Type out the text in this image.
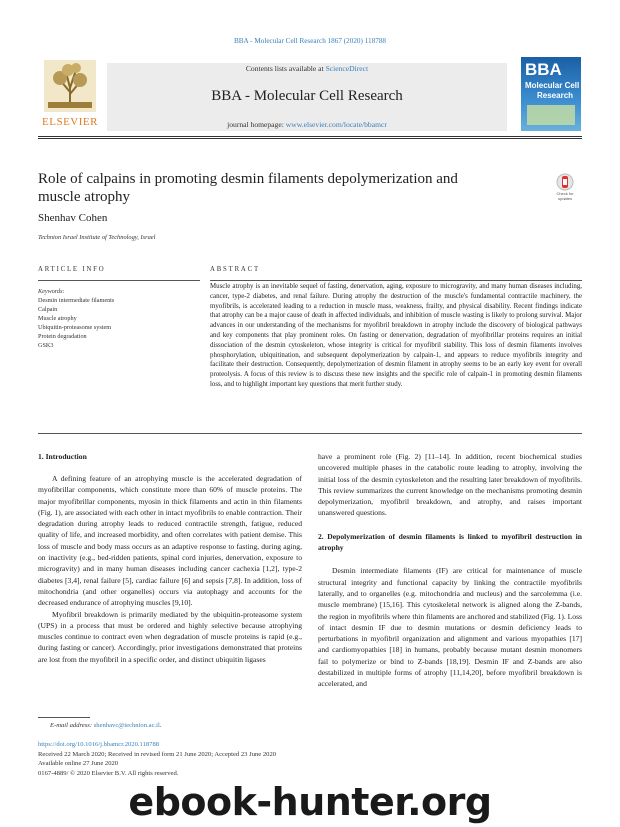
BBA - Molecular Cell Research 1867 (2020) 118788
ELSEVIER
Contents lists available at ScienceDirect
BBA - Molecular Cell Research
journal homepage: www.elsevier.com/locate/bbamcr
BBA
Molecular Cell
Research
Role of calpains in promoting desmin filaments depolymerization and muscle atrophy	Check for updates
Shenhav Cohen
Technion Israel Institute of Technology, Israel
ARTICLE INFO
Keywords:
Desmin intermediate filaments
Calpain
Muscle atrophy
Ubiquitin-proteasome system
Protein degradation
GSK3
ABSTRACT
Muscle atrophy is an inevitable sequel of fasting, denervation, aging, exposure to microgravity, and many human diseases including, cancer, type-2 diabetes, and renal failure. During atrophy the destruction of the muscle's fundamental contractile machinery, the myofibrils, is accelerated leading to a reduction in muscle mass, weakness, frailty, and physical disability. Recent findings indicate that atrophy can be a major cause of death in affected individuals, and inhibition of muscle wasting is likely to prolong survival. Major advances in our understanding of the mechanisms for myofibril breakdown in atrophy include the discovery of biological pathways and key components that play prominent roles. On fasting or denervation, degradation of myofibrillar proteins requires an initial dissociation of the desmin cytoskeleton, whose integrity is critical for myofibril stability. This loss of desmin filaments involves phosphorylation, ubiquitination, and subsequent depolymerization by calpain-1, and appears to reduce myofibrils integrity and facilitate their destruction. Consequently, depolymerization of desmin filament in atrophy seems to be an early key event for overall proteolysis. A focus of this review is to discuss these new insights and the specific role of calpain-1 in promoting desmin filaments loss, and to highlight important key questions that merit further study.
1. Introduction

A defining feature of an atrophying muscle is the accelerated degradation of myofibrillar components, which constitute more than 60% of muscle proteins. The major myofibrillar components, myosin in thick filaments and actin in thin filaments (Fig. 1), are associated with each other in intact myofibrils to enable contraction. Their degradation during atrophy leads to reduced contractile strength, fatigue, reduced quality of life, and increased morbidity, and often correlates with patient demise. This loss of muscle and body mass occurs as an adaptive response to fasting, during aging, on inactivity (e.g., bed-ridden patients, spinal cord injuries, denervation, exposure to microgravity) and in many human diseases including cancer cachexia [1,2], type-2 diabetes [3,4], renal failure [5], cardiac failure [6] and sepsis [7,8]. In addition, loss of mitochondria (and other organelles) occurs via autophagy and accounts for the decreased endurance of atrophying muscles [9,10].

Myofibril breakdown is primarily mediated by the ubiquitin-proteasome system (UPS) in a process that must be ordered and highly selective because atrophying muscles continue to contract even when degradation of muscle proteins is rapid (e.g., during fasting or cancer). Accordingly, prior investigations demonstrated that proteins are lost from the myofibril in a specific order, and distinct ubiquitin ligases

have a prominent role (Fig. 2) [11–14]. In addition, recent biochemical studies uncovered multiple phases in the catabolic route leading to atrophy, involving the initial loss of the desmin cytoskeleton and the resulting later breakdown of myofibrils. This review summarizes the current knowledge on the mechanisms promoting desmin depolymerization, myofibril breakdown, and atrophy, and raises important unanswered questions.

2. Depolymerization of desmin filaments is linked to myofibril destruction in atrophy

Desmin intermediate filaments (IF) are critical for maintenance of muscle structural integrity and functional capacity by linking the contractile myofibrils laterally, and to organelles (e.g. mitochondria and nucleus) and the sarcolemma (i.e. muscle membrane) [15,16]. This cytoskeletal network is aligned along the Z-bands, the region in myofibrils where thin filaments are anchored and stabilized (Fig. 1). Loss of intact desmin IF due to desmin mutations or desmin deficiency leads to perturbations in myofibril organization and alignment and various myopathies [17] and cardiomyopathies [18] in humans, probably because mutant desmin monomers fail to polymerize or bind to Z-bands [18,19]. Desmin IF and Z-bands are also destabilized in multiple forms of atrophy [11,14,20], before myofibril breakdown is accelerated, and

E-mail address: shenhavc@technion.ac.il.
https://doi.org/10.1016/j.bbamcr.2020.118788
Received 22 March 2020; Received in revised form 21 June 2020; Accepted 23 June 2020
Available online 27 June 2020
0167-4889/ © 2020 Elsevier B.V. All rights reserved.
ebook-hunter.org
